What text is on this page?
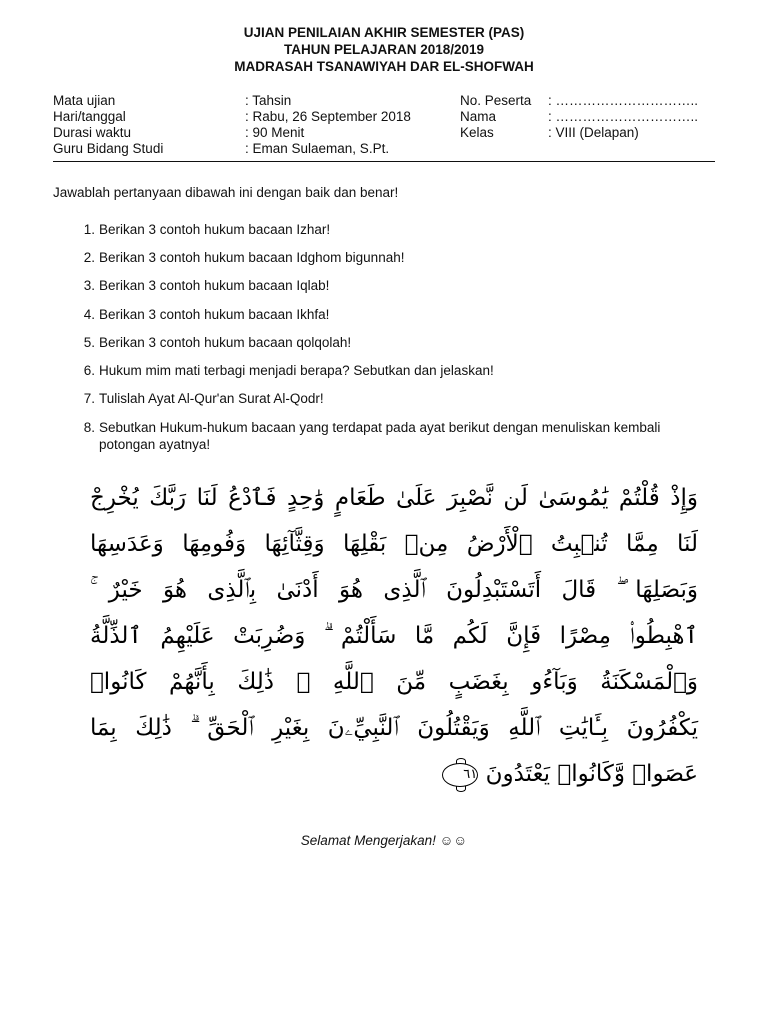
UJIAN PENILAIAN AKHIR SEMESTER (PAS)
TAHUN PELAJARAN 2018/2019
MADRASAH TSANAWIYAH DAR EL-SHOFWAH
Mata ujian	: Tahsin	No. Peserta : …………………………..
Hari/tanggal	: Rabu, 26 September 2018	Nama	: …………………………..
Durasi waktu	: 90 Menit	Kelas	: VIII (Delapan)
Guru Bidang Studi	: Eman Sulaeman, S.Pt.
Jawablah pertanyaan dibawah ini dengan baik dan benar!
1. Berikan 3 contoh hukum bacaan Izhar!
2. Berikan 3 contoh hukum bacaan Idghom bigunnah!
3. Berikan 3 contoh hukum bacaan Iqlab!
4. Berikan 3 contoh hukum bacaan Ikhfa!
5. Berikan 3 contoh hukum bacaan qolqolah!
6. Hukum mim mati terbagi menjadi berapa? Sebutkan dan jelaskan!
7. Tulislah Ayat Al-Qur'an Surat Al-Qodr!
8. Sebutkan Hukum-hukum bacaan yang terdapat pada ayat berikut dengan menuliskan kembali potongan ayatnya!
وَإِذْ قُلْتُمْ يَٰمُوسَىٰ لَن نَّصْبِرَ عَلَىٰ طَعَامٍ وَٰحِدٍ فَٱدْعُ لَنَا رَبَّكَ يُخْرِجْ
لَنَا مِمَّا تُنۢبِتُ ٱلْأَرْضُ مِنۢ بَقْلِهَا وَقِثَّآئِهَا وَفُومِهَا وَعَدَسِهَا
وَبَصَلِهَا ۖ قَالَ أَتَسْتَبْدِلُونَ ٱلَّذِى هُوَ أَدْنَىٰ بِٱلَّذِى هُوَ خَيْرٌ ۚ
ٱهْبِطُوا۟ مِصْرًا فَإِنَّ لَكُم مَّا سَأَلْتُمْ ۗ وَضُرِبَتْ عَلَيْهِمُ ٱلذِّلَّةُ
وَٱلْمَسْكَنَةُ وَبَآءُو بِغَضَبٍ مِّنَ ٱللَّهِ ۗ ذَٰلِكَ بِأَنَّهُمْ كَانُوا۟
يَكْفُرُونَ بِـَٔايَٰتِ ٱللَّهِ وَيَقْتُلُونَ ٱلنَّبِيِّۦنَ بِغَيْرِ ٱلْحَقِّ ۗ ذَٰلِكَ بِمَا
عَصَوا۟ وَّكَانُوا۟ يَعْتَدُونَ
٦١
Selamat Mengerjakan! ☺☺
